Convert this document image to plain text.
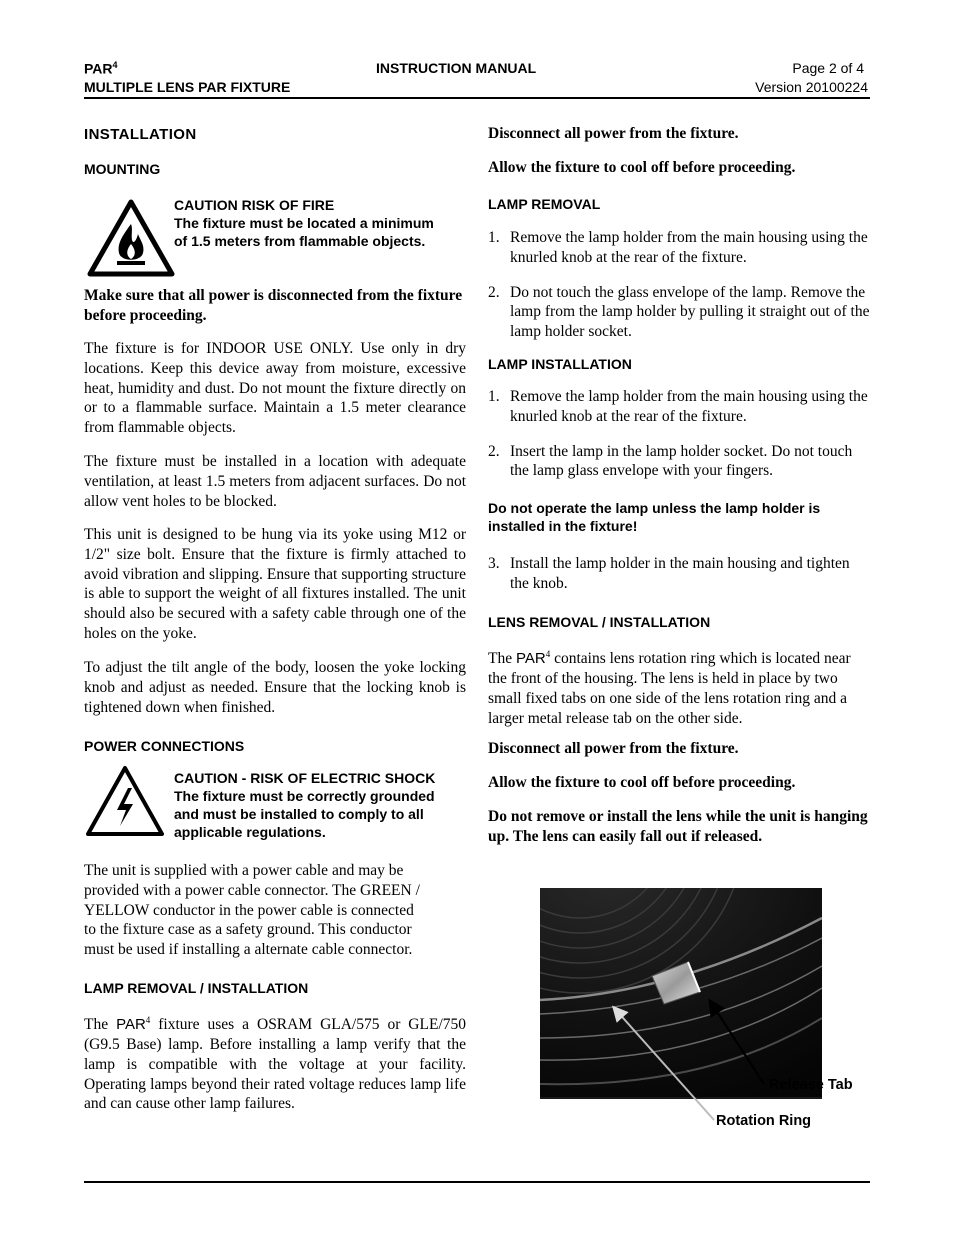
PAR$^4$
MULTIPLE LENS PAR FIXTURE
INSTRUCTION MANUAL	Page 2 of 4
Version 20100224
INSTALLATION
MOUNTING
CAUTION RISK OF FIRE
The fixture must be located a minimum
of 1.5 meters from flammable objects.

Make sure that all power is disconnected from the fixture before proceeding.

The fixture is for INDOOR USE ONLY. Use only in dry locations. Keep this device away from moisture, excessive heat, humidity and dust. Do not mount the fixture directly on or to a flammable surface. Maintain a 1.5 meter clearance from flammable objects.

The fixture must be installed in a location with adequate ventilation, at least 1.5 meters from adjacent surfaces. Do not allow vent holes to be blocked.

This unit is designed to be hung via its yoke using M12 or 1/2" size bolt. Ensure that the fixture is firmly attached to avoid vibration and slipping. Ensure that supporting structure is able to support the weight of all fixtures installed. The unit should also be secured with a safety cable through one of the holes on the yoke.

To adjust the tilt angle of the body, loosen the yoke locking knob and adjust as needed. Ensure that the locking knob is tightened down when finished.

POWER CONNECTIONS
CAUTION - RISK OF ELECTRIC SHOCK
The fixture must be correctly grounded
and must be installed to comply to all
applicable regulations.
The unit is supplied with a power cable and may be
provided with a power cable connector. The GREEN /
YELLOW conductor in the power cable is connected
to the fixture case as a safety ground. This conductor
must be used if installing a alternate cable connector.
LAMP REMOVAL / INSTALLATION

The PAR$^4$ fixture uses a OSRAM GLA/575 or GLE/750 (G9.5 Base) lamp. Before installing a lamp verify that the lamp is compatible with the voltage at your facility. Operating lamps beyond their rated voltage reduces lamp life and can cause other lamp failures.

Disconnect all power from the fixture.

Allow the fixture to cool off before proceeding.

LAMP REMOVAL
1. Remove the lamp holder from the main housing using the knurled knob at the rear of the fixture.
2. Do not touch the glass envelope of the lamp. Remove the lamp from the lamp holder by pulling it straight out of the lamp holder socket.
LAMP INSTALLATION
1. Remove the lamp holder from the main housing using the knurled knob at the rear of the fixture.
2. Insert the lamp in the lamp holder socket. Do not touch the lamp glass envelope with your fingers.
Do not operate the lamp unless the lamp holder is installed in the fixture!
3. Install the lamp holder in the main housing and tighten the knob.
LENS REMOVAL / INSTALLATION

The PAR$^4$ contains lens rotation ring which is located near the front of the housing. The lens is held in place by two small fixed tabs on one side of the lens rotation ring and a larger metal release tab on the other side.

Disconnect all power from the fixture.

Allow the fixture to cool off before proceeding.

Do not remove or install the lens while the unit is hanging up. The lens can easily fall out if released.

Release Tab
Rotation Ring
